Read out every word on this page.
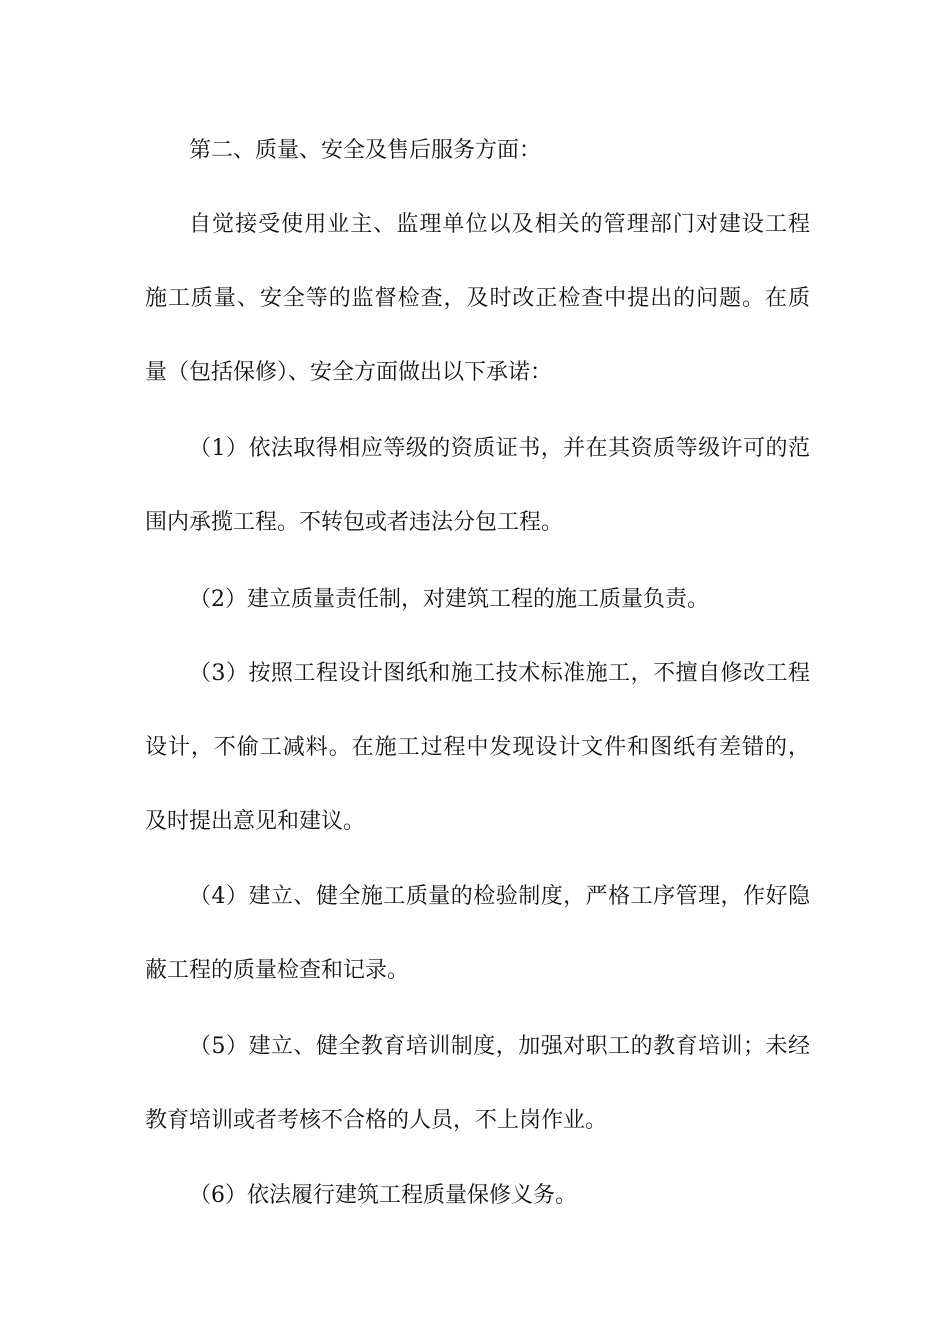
第二、质量、安全及售后服务方面：
自觉接受使用业主、监理单位以及相关的管理部门对建设工程
施工质量、安全等的监督检查，及时改正检查中提出的问题。在质
量（包括保修）、安全方面做出以下承诺：
（1）依法取得相应等级的资质证书，并在其资质等级许可的范
围内承揽工程。不转包或者违法分包工程。
（2）建立质量责任制，对建筑工程的施工质量负责。
（3）按照工程设计图纸和施工技术标准施工，不擅自修改工程
设计，不偷工减料。在施工过程中发现设计文件和图纸有差错的，
及时提出意见和建议。
（4）建立、健全施工质量的检验制度，严格工序管理，作好隐
蔽工程的质量检查和记录。
（5）建立、健全教育培训制度，加强对职工的教育培训；未经
教育培训或者考核不合格的人员，不上岗作业。
（6）依法履行建筑工程质量保修义务。
